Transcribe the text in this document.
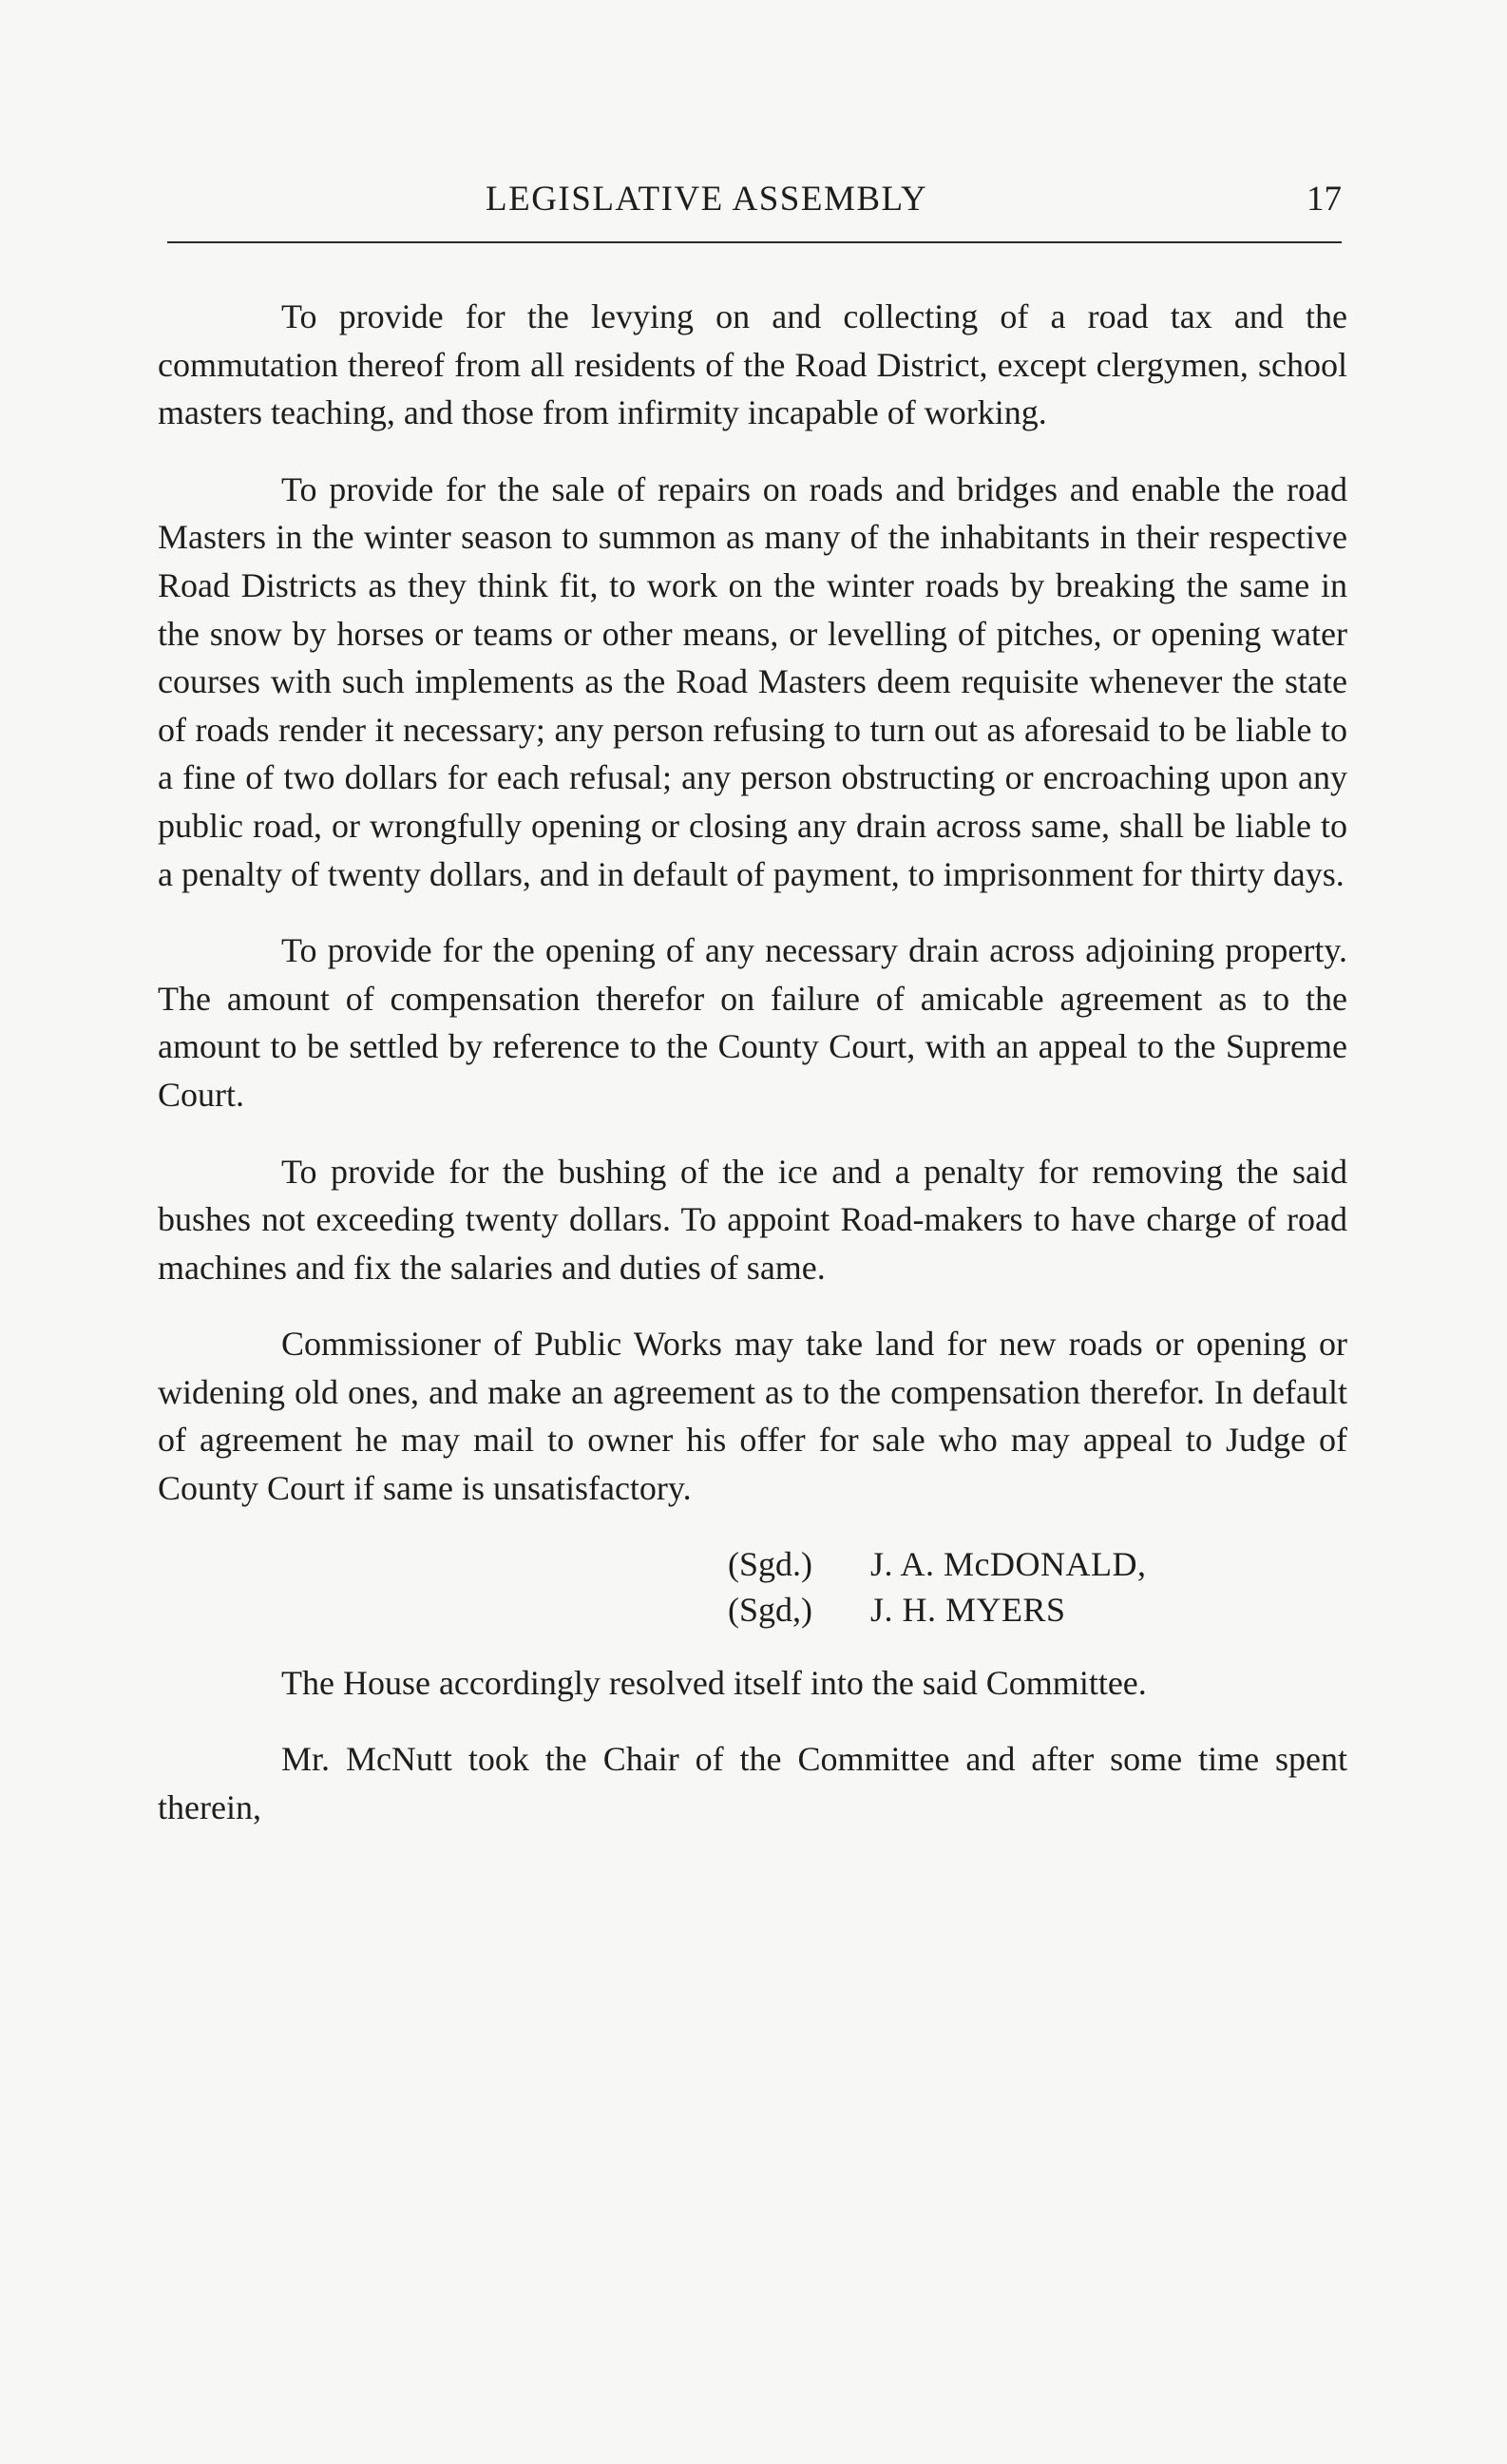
LEGISLATIVE ASSEMBLY	17

To provide for the levying on and collecting of a road tax and the commutation thereof from all residents of the Road District, except clergymen, school masters teaching, and those from infirmity incapable of working.

To provide for the sale of repairs on roads and bridges and enable the road Masters in the winter season to summon as many of the inhabitants in their respective Road Districts as they think fit, to work on the winter roads by breaking the same in the snow by horses or teams or other means, or levelling of pitches, or opening water courses with such implements as the Road Masters deem requisite whenever the state of roads render it necessary; any person refusing to turn out as aforesaid to be liable to a fine of two dollars for each refusal; any person obstructing or encroaching upon any public road, or wrongfully opening or closing any drain across same, shall be liable to a penalty of twenty dollars, and in default of payment, to imprisonment for thirty days.

To provide for the opening of any necessary drain across adjoining property. The amount of compensation therefor on failure of amicable agreement as to the amount to be settled by reference to the County Court, with an appeal to the Supreme Court.

To provide for the bushing of the ice and a penalty for removing the said bushes not exceeding twenty dollars. To appoint Road-makers to have charge of road machines and fix the salaries and duties of same.

Commissioner of Public Works may take land for new roads or opening or widening old ones, and make an agreement as to the compensation therefor. In default of agreement he may mail to owner his offer for sale who may appeal to Judge of County Court if same is unsatisfactory.

(Sgd.)	J. A. McDONALD,
(Sgd,)	J. H. MYERS

The House accordingly resolved itself into the said Committee.

Mr. McNutt took the Chair of the Committee and after some time spent therein,
